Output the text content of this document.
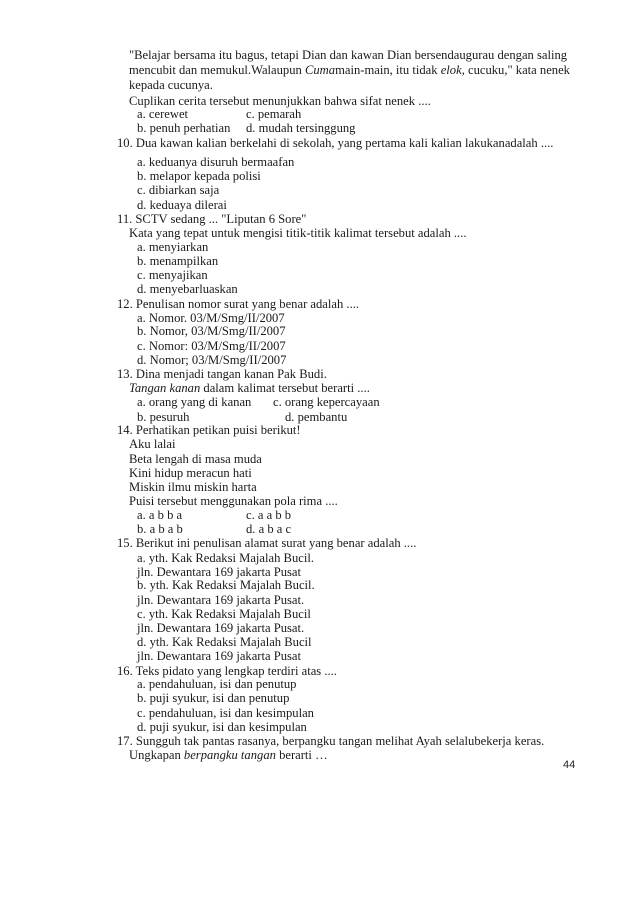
"Belajar bersama itu bagus, tetapi Dian dan kawan Dian bersendaugurau dengan saling
mencubit dan memukul.Walaupun Cumamain-main, itu tidak elok, cucuku," kata nenek
kepada cucunya.
Cuplikan cerita tersebut menunjukkan bahwa sifat nenek ....
a. cerewet	c. pemarah
b. penuh perhatian d. mudah tersinggung
10. Dua kawan kalian berkelahi di sekolah, yang pertama kali kalian lakukanadalah ....
a. keduanya disuruh bermaafan
b. melapor kepada polisi
c. dibiarkan saja
d. keduaya dilerai
11. SCTV sedang ... "Liputan 6 Sore"
Kata yang tepat untuk mengisi titik-titik kalimat tersebut adalah ....
a. menyiarkan
b. menampilkan
c. menyajikan
d. menyebarluaskan
12. Penulisan nomor surat yang benar adalah ....
a. Nomor. 03/M/Smg/II/2007
b. Nomor, 03/M/Smg/II/2007
c. Nomor: 03/M/Smg/II/2007
d. Nomor; 03/M/Smg/II/2007
13. Dina menjadi tangan kanan Pak Budi.
Tangan kanan dalam kalimat tersebut berarti ....
a. orang yang di kanan c. orang kepercayaan
b. pesuruh	d. pembantu
14. Perhatikan petikan puisi berikut!
Aku lalai
Beta lengah di masa muda
Kini hidup meracun hati
Miskin ilmu miskin harta
Puisi tersebut menggunakan pola rima ....
a. a b b a	c. a a b b
b. a b a b	d. a b a c
15. Berikut ini penulisan alamat surat yang benar adalah ....
a. yth. Kak Redaksi Majalah Bucil.
jln. Dewantara 169 jakarta Pusat
b. yth. Kak Redaksi Majalah Bucil.
jln. Dewantara 169 jakarta Pusat.
c. yth. Kak Redaksi Majalah Bucil
jln. Dewantara 169 jakarta Pusat.
d. yth. Kak Redaksi Majalah Bucil
jln. Dewantara 169 jakarta Pusat
16. Teks pidato yang lengkap terdiri atas ....
a. pendahuluan, isi dan penutup
b. puji syukur, isi dan penutup
c. pendahuluan, isi dan kesimpulan
d. puji syukur, isi dan kesimpulan
17. Sungguh tak pantas rasanya, berpangku tangan melihat Ayah selalubekerja keras.
Ungkapan berpangku tangan berarti …
44
